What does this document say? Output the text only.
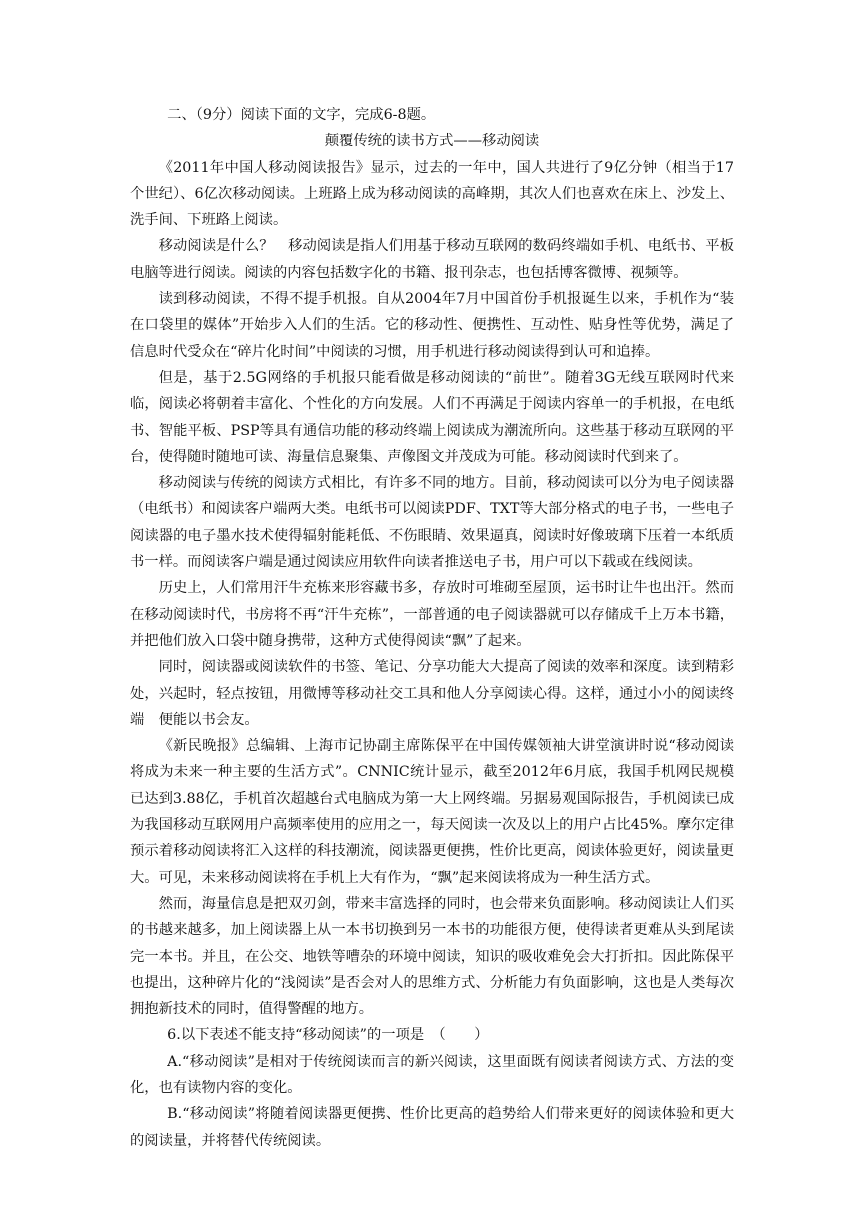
二、（9分）阅读下面的文字，完成6-8题。

颠覆传统的读书方式——移动阅读

《2011年中国人移动阅读报告》显示，过去的一年中，国人共进行了9亿分钟（相当于17个世纪）、6亿次移动阅读。上班路上成为移动阅读的高峰期，其次人们也喜欢在床上、沙发上、洗手间、下班路上阅读。

移动阅读是什么？　移动阅读是指人们用基于移动互联网的数码终端如手机、电纸书、平板电脑等进行阅读。阅读的内容包括数字化的书籍、报刊杂志，也包括博客微博、视频等。

读到移动阅读，不得不提手机报。自从2004年7月中国首份手机报诞生以来，手机作为“装在口袋里的媒体”开始步入人们的生活。它的移动性、便携性、互动性、贴身性等优势，满足了信息时代受众在“碎片化时间”中阅读的习惯，用手机进行移动阅读得到认可和追捧。

但是，基于2.5G网络的手机报只能看做是移动阅读的“前世”。随着3G无线互联网时代来临，阅读必将朝着丰富化、个性化的方向发展。人们不再满足于阅读内容单一的手机报，在电纸书、智能平板、PSP等具有通信功能的移动终端上阅读成为潮流所向。这些基于移动互联网的平台，使得随时随地可读、海量信息聚集、声像图文并茂成为可能。移动阅读时代到来了。

移动阅读与传统的阅读方式相比，有许多不同的地方。目前，移动阅读可以分为电子阅读器（电纸书）和阅读客户端两大类。电纸书可以阅读PDF、TXT等大部分格式的电子书，一些电子阅读器的电子墨水技术使得辐射能耗低、不伤眼睛、效果逼真，阅读时好像玻璃下压着一本纸质书一样。而阅读客户端是通过阅读应用软件向读者推送电子书，用户可以下载或在线阅读。

历史上，人们常用汗牛充栋来形容藏书多，存放时可堆砌至屋顶，运书时让牛也出汗。然而在移动阅读时代，书房将不再“汗牛充栋”，一部普通的电子阅读器就可以存储成千上万本书籍，并把他们放入口袋中随身携带，这种方式使得阅读“飘”了起来。

同时，阅读器或阅读软件的书签、笔记、分享功能大大提高了阅读的效率和深度。读到精彩处，兴起时，轻点按钮，用微博等移动社交工具和他人分享阅读心得。这样，通过小小的阅读终端　便能以书会友。

《新民晚报》总编辑、上海市记协副主席陈保平在中国传媒领袖大讲堂演讲时说“移动阅读将成为未来一种主要的生活方式”。CNNIC统计显示，截至2012年6月底，我国手机网民规模已达到3.88亿，手机首次超越台式电脑成为第一大上网终端。另据易观国际报告，手机阅读已成为我国移动互联网用户高频率使用的应用之一，每天阅读一次及以上的用户占比45%。摩尔定律预示着移动阅读将汇入这样的科技潮流，阅读器更便携，性价比更高，阅读体验更好，阅读量更大。可见，未来移动阅读将在手机上大有作为，“飘”起来阅读将成为一种生活方式。

然而，海量信息是把双刃剑，带来丰富选择的同时，也会带来负面影响。移动阅读让人们买的书越来越多，加上阅读器上从一本书切换到另一本书的功能很方便，使得读者更难从头到尾读完一本书。并且，在公交、地铁等嘈杂的环境中阅读，知识的吸收难免会大打折扣。因此陈保平也提出，这种碎片化的“浅阅读”是否会对人的思维方式、分析能力有负面影响，这也是人类每次拥抱新技术的同时，值得警醒的地方。

6.以下表述不能支持“移动阅读”的一项是　（　　）

A.“移动阅读”是相对于传统阅读而言的新兴阅读，这里面既有阅读者阅读方式、方法的变化，也有读物内容的变化。

B.“移动阅读”将随着阅读器更便携、性价比更高的趋势给人们带来更好的阅读体验和更大的阅读量，并将替代传统阅读。
